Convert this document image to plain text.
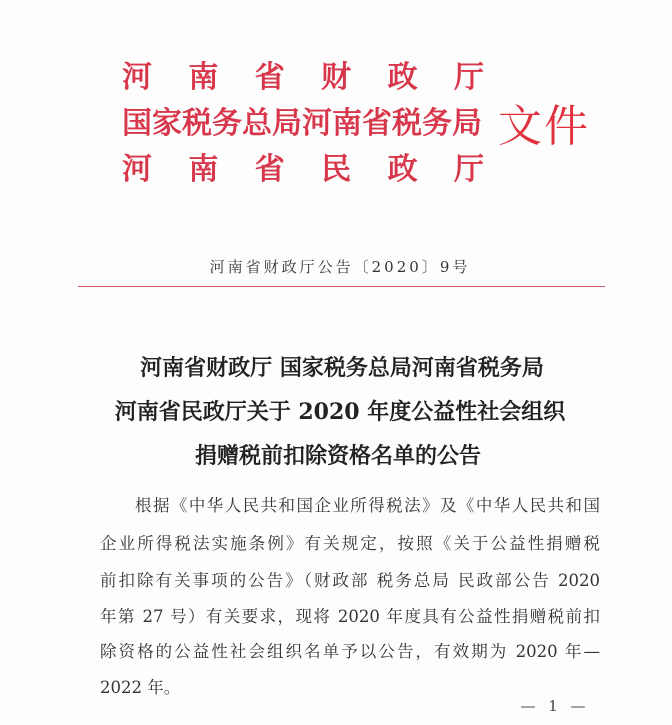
河 南 省 财 政 厅
国家税务总局河南省税务局
河 南 省 民 政 厅
文件
河南省财政厅公告〔2020〕9号
河南省财政厅 国家税务总局河南省税务局
河南省民政厅关于 2020 年度公益性社会组织
捐赠税前扣除资格名单的公告
根据《中华人民共和国企业所得税法》及《中华人民共和国
企业所得税法实施条例》有关规定，按照《关于公益性捐赠税
前扣除有关事项的公告》（财政部 税务总局 民政部公告 2020
年第 27 号）有关要求，现将 2020 年度具有公益性捐赠税前扣
除资格的公益性社会组织名单予以公告，有效期为 2020 年—
2022 年。
— 1 —
